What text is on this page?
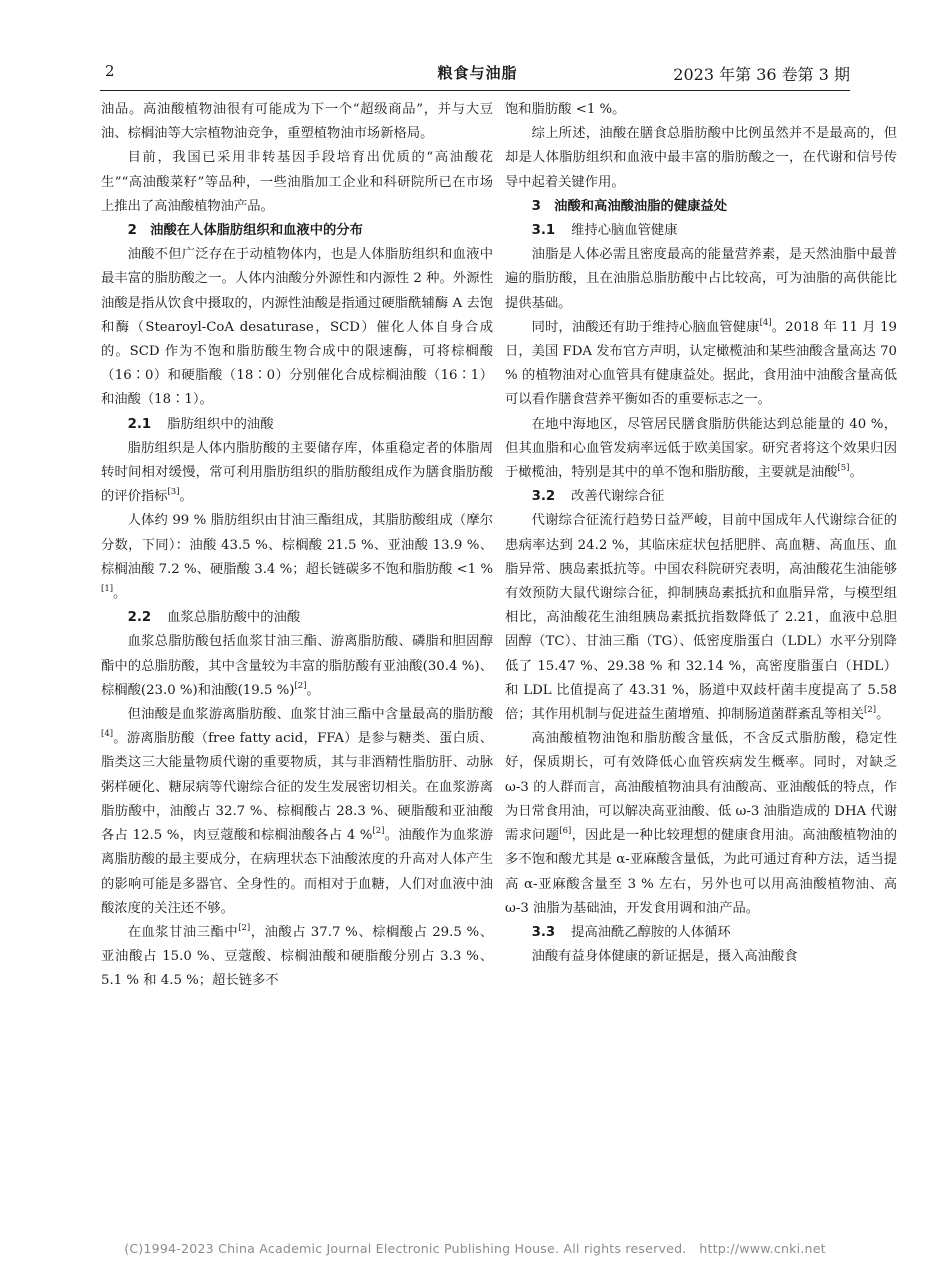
2	粮食与油脂	2023 年第 36 卷第 3 期

油品。高油酸植物油很有可能成为下一个“超级商品”，并与大豆油、棕榈油等大宗植物油竞争，重塑植物油市场新格局。

目前，我国已采用非转基因手段培育出优质的“高油酸花生”“高油酸菜籽”等品种，一些油脂加工企业和科研院所已在市场上推出了高油酸植物油产品。

2　油酸在人体脂肪组织和血液中的分布

油酸不但广泛存在于动植物体内，也是人体脂肪组织和血液中最丰富的脂肪酸之一。人体内油酸分外源性和内源性 2 种。外源性油酸是指从饮食中摄取的，内源性油酸是指通过硬脂酰辅酶 A 去饱和酶（Stearoyl-CoA desaturase，SCD）催化人体自身合成的。SCD 作为不饱和脂肪酸生物合成中的限速酶，可将棕榈酸（16∶0）和硬脂酸（18∶0）分别催化合成棕榈油酸（16∶1）和油酸（18∶1）。

2.1 脂肪组织中的油酸

脂肪组织是人体内脂肪酸的主要储存库，体重稳定者的体脂周转时间相对缓慢，常可利用脂肪组织的脂肪酸组成作为膳食脂肪酸的评价指标[3]。

人体约 99 % 脂肪组织由甘油三酯组成，其脂肪酸组成（摩尔分数，下同）：油酸 43.5 %、棕榈酸 21.5 %、亚油酸 13.9 %、棕榈油酸 7.2 %、硬脂酸 3.4 %；超长链碳多不饱和脂肪酸 <1 %[1]。

2.2 血浆总脂肪酸中的油酸

血浆总脂肪酸包括血浆甘油三酯、游离脂肪酸、磷脂和胆固醇酯中的总脂肪酸，其中含量较为丰富的脂肪酸有亚油酸(30.4 %)、棕榈酸(23.0 %)和油酸(19.5 %)[2]。

但油酸是血浆游离脂肪酸、血浆甘油三酯中含量最高的脂肪酸[4]。游离脂肪酸（free fatty acid，FFA）是参与糖类、蛋白质、脂类这三大能量物质代谢的重要物质，其与非酒精性脂肪肝、动脉粥样硬化、糖尿病等代谢综合征的发生发展密切相关。在血浆游离脂肪酸中，油酸占 32.7 %、棕榈酸占 28.3 %、硬脂酸和亚油酸各占 12.5 %，肉豆蔻酸和棕榈油酸各占 4 %[2]。油酸作为血浆游离脂肪酸的最主要成分，在病理状态下油酸浓度的升高对人体产生的影响可能是多器官、全身性的。而相对于血糖，人们对血液中油酸浓度的关注还不够。

在血浆甘油三酯中[2]，油酸占 37.7 %、棕榈酸占 29.5 %、亚油酸占 15.0 %、豆蔻酸、棕榈油酸和硬脂酸分别占 3.3 %、5.1 % 和 4.5 %；超长链多不

饱和脂肪酸 <1 %。

综上所述，油酸在膳食总脂肪酸中比例虽然并不是最高的，但却是人体脂肪组织和血液中最丰富的脂肪酸之一，在代谢和信号传导中起着关键作用。

3　油酸和高油酸油脂的健康益处

3.1 维持心脑血管健康

油脂是人体必需且密度最高的能量营养素，是天然油脂中最普遍的脂肪酸，且在油脂总脂肪酸中占比较高，可为油脂的高供能比提供基础。

同时，油酸还有助于维持心脑血管健康[4]。2018 年 11 月 19 日，美国 FDA 发布官方声明，认定橄榄油和某些油酸含量高达 70 % 的植物油对心血管具有健康益处。据此，食用油中油酸含量高低可以看作膳食营养平衡如否的重要标志之一。

在地中海地区，尽管居民膳食脂肪供能达到总能量的 40 %，但其血脂和心血管发病率远低于欧美国家。研究者将这个效果归因于橄榄油，特别是其中的单不饱和脂肪酸，主要就是油酸[5]。

3.2 改善代谢综合征

代谢综合征流行趋势日益严峻，目前中国成年人代谢综合征的患病率达到 24.2 %，其临床症状包括肥胖、高血糖、高血压、血脂异常、胰岛素抵抗等。中国农科院研究表明，高油酸花生油能够有效预防大鼠代谢综合征，抑制胰岛素抵抗和血脂异常，与模型组相比，高油酸花生油组胰岛素抵抗指数降低了 2.21，血液中总胆固醇（TC）、甘油三酯（TG）、低密度脂蛋白（LDL）水平分别降低了 15.47 %、29.38 % 和 32.14 %，高密度脂蛋白（HDL）和 LDL 比值提高了 43.31 %，肠道中双歧杆菌丰度提高了 5.58 倍；其作用机制与促进益生菌增殖、抑制肠道菌群紊乱等相关[2]。

高油酸植物油饱和脂肪酸含量低，不含反式脂肪酸，稳定性好，保质期长，可有效降低心血管疾病发生概率。同时，对缺乏 ω-3 的人群而言，高油酸植物油具有油酸高、亚油酸低的特点，作为日常食用油，可以解决高亚油酸、低 ω-3 油脂造成的 DHA 代谢需求问题[6]，因此是一种比较理想的健康食用油。高油酸植物油的多不饱和酸尤其是 α-亚麻酸含量低，为此可通过育种方法，适当提高 α-亚麻酸含量至 3 % 左右，另外也可以用高油酸植物油、高 ω-3 油脂为基础油，开发食用调和油产品。

3.3 提高油酰乙醇胺的人体循环

油酸有益身体健康的新证据是，摄入高油酸食

(C)1994-2023 China Academic Journal Electronic Publishing House. All rights reserved.　http://www.cnki.net
